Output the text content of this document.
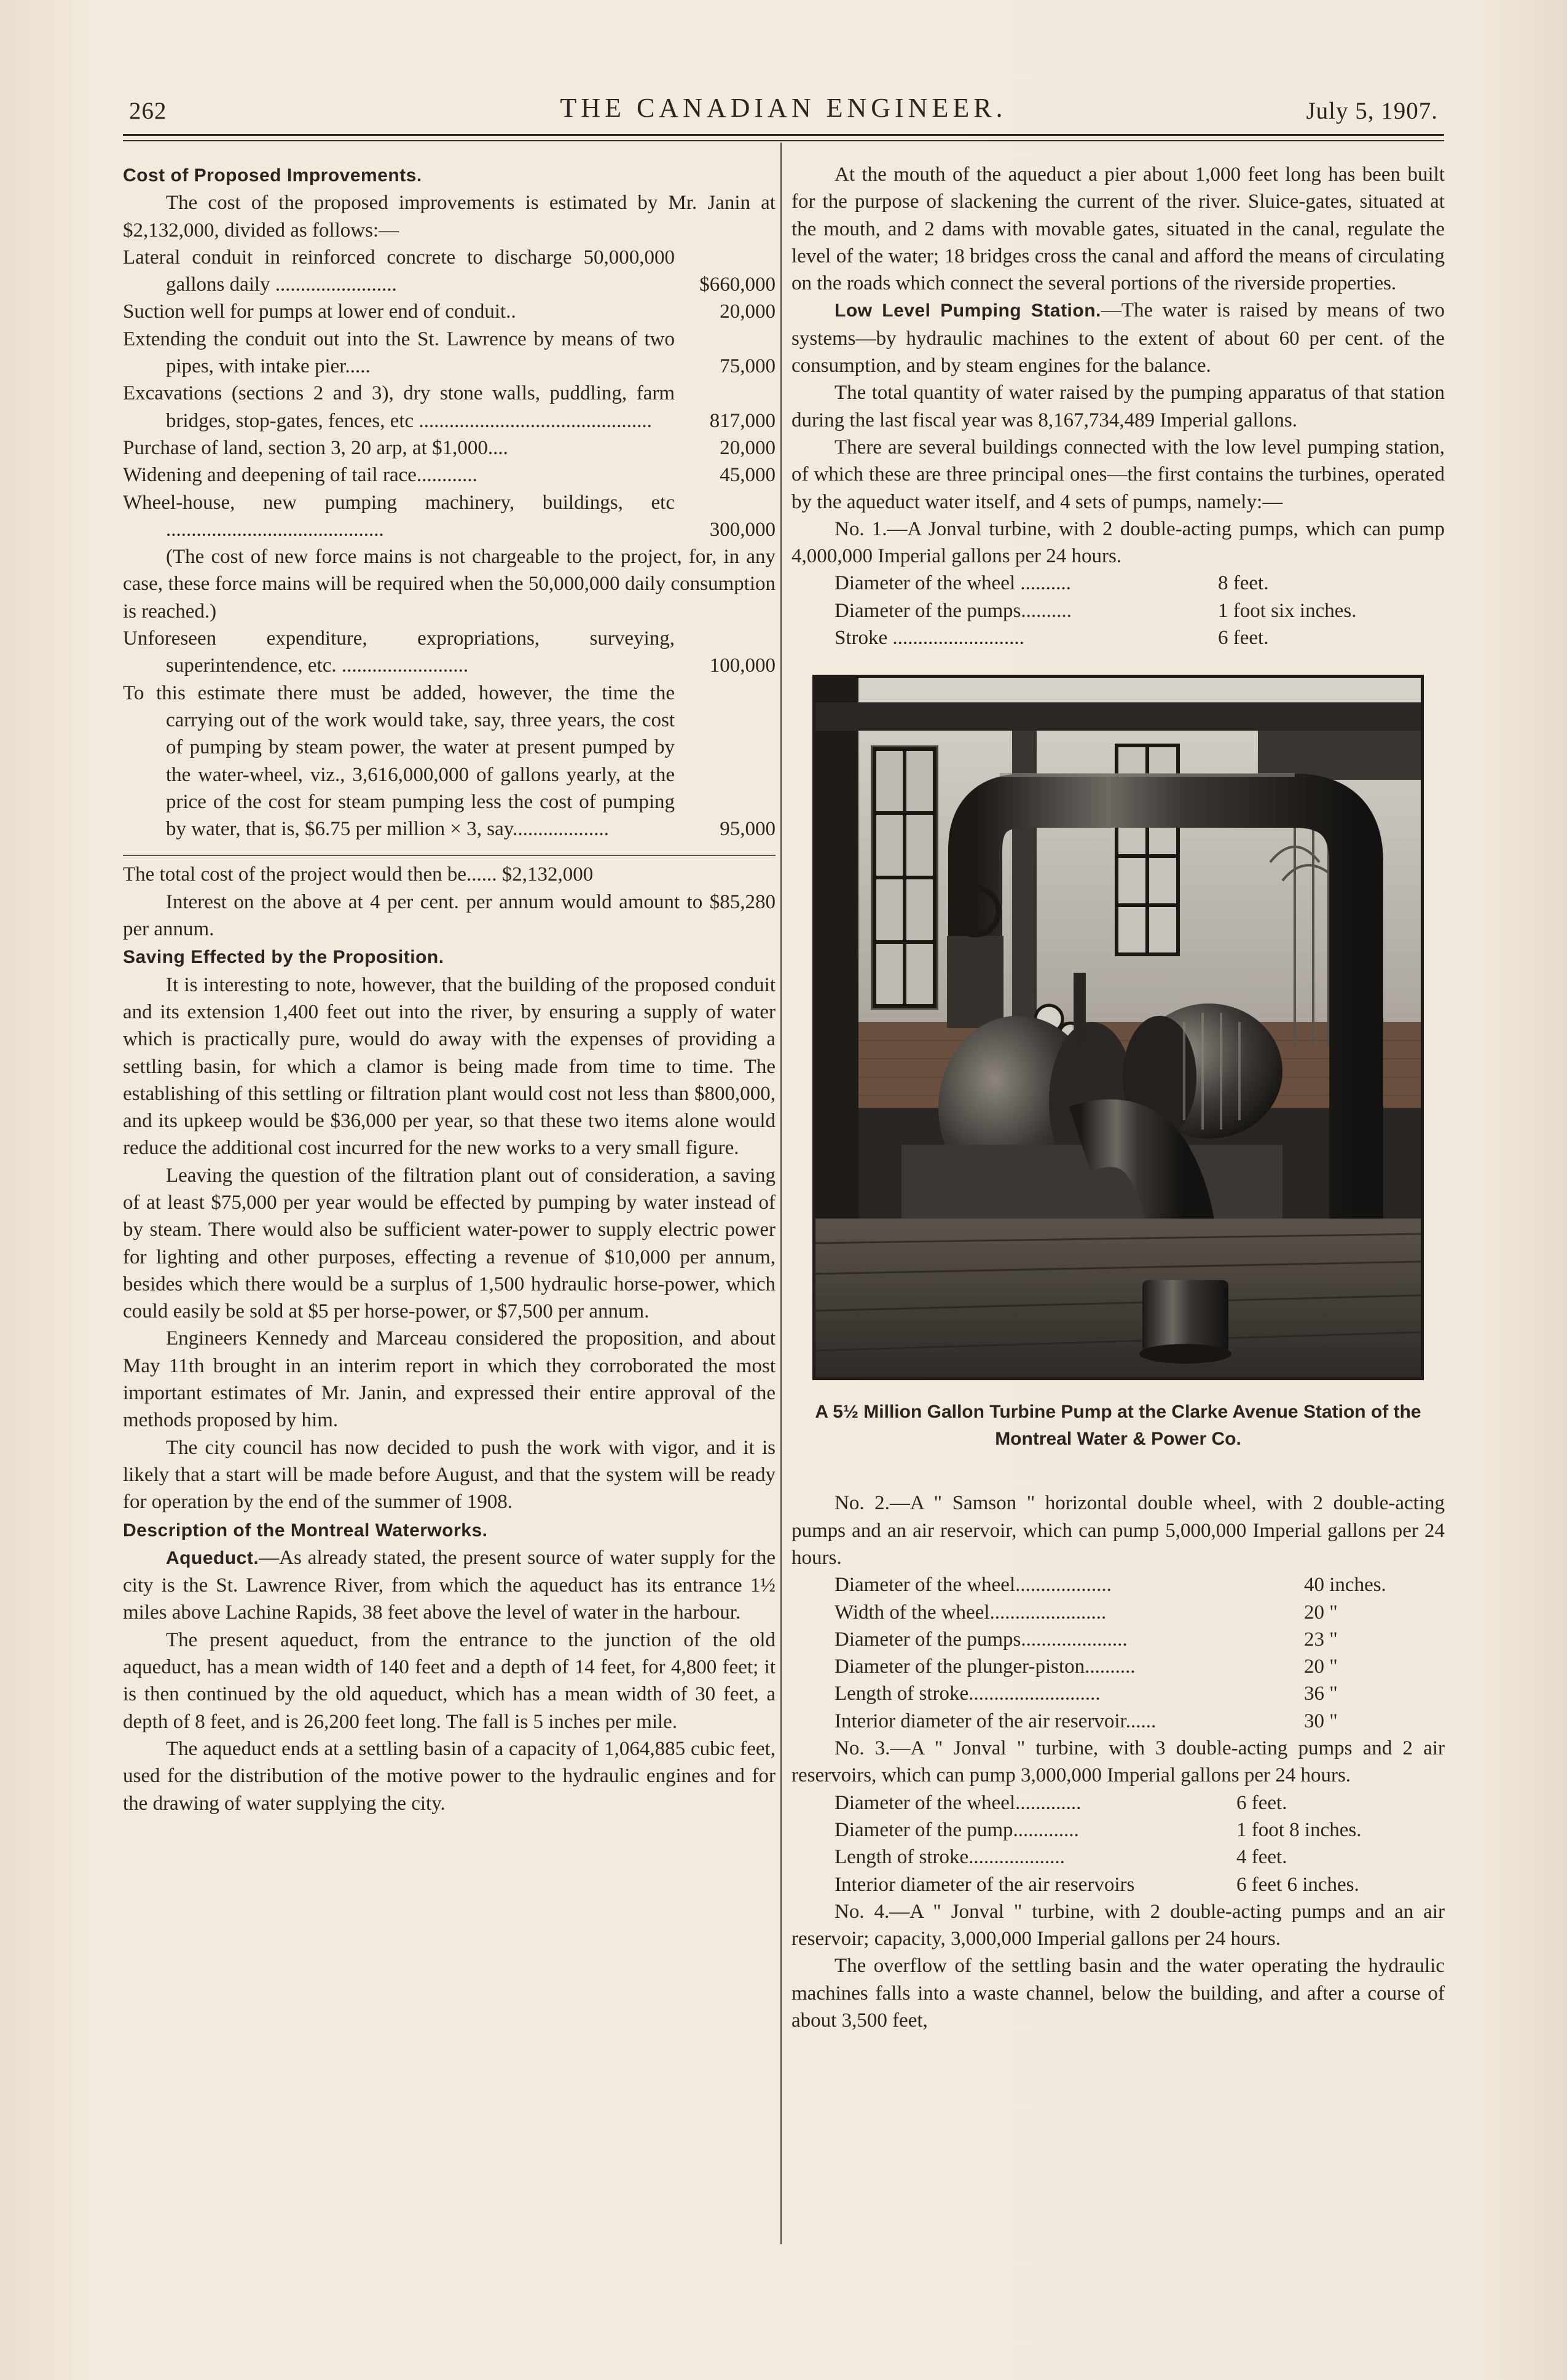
262	THE CANADIAN ENGINEER.	July 5, 1907.
Cost of Proposed Improvements.

The cost of the proposed improvements is estimated by Mr. Janin at $2,132,000, divided as follows:—

Lateral conduit in reinforced concrete to discharge 50,000,000 gallons daily ........................	$660,000
Suction well for pumps at lower end of conduit..	20,000
Extending the conduit out into the St. Lawrence by means of two pipes, with intake pier.....	75,000
Excavations (sections 2 and 3), dry stone walls, puddling, farm bridges, stop-gates, fences, etc ..............................................	817,000
Purchase of land, section 3, 20 arp, at $1,000....	20,000
Widening and deepening of tail race............	45,000
Wheel-house, new pumping machinery, buildings, etc ...........................................	300,000

(The cost of new force mains is not chargeable to the project, for, in any case, these force mains will be required when the 50,000,000 daily consumption is reached.)

Unforeseen expenditure, expropriations, surveying, superintendence, etc. .........................	100,000
To this estimate there must be added, however, the time the carrying out of the work would take, say, three years, the cost of pumping by steam power, the water at present pumped by the water-wheel, viz., 3,616,000,000 of gallons yearly, at the price of the cost for steam pumping less the cost of pumping by water, that is, $6.75 per million × 3, say...................	95,000

The total cost of the project would then be...... $2,132,000

Interest on the above at 4 per cent. per annum would amount to $85,280 per annum.

Saving Effected by the Proposition.

It is interesting to note, however, that the building of the proposed conduit and its extension 1,400 feet out into the river, by ensuring a supply of water which is practically pure, would do away with the expenses of providing a settling basin, for which a clamor is being made from time to time. The establishing of this settling or filtration plant would cost not less than $800,000, and its upkeep would be $36,000 per year, so that these two items alone would reduce the additional cost incurred for the new works to a very small figure.

Leaving the question of the filtration plant out of consideration, a saving of at least $75,000 per year would be effected by pumping by water instead of by steam. There would also be sufficient water-power to supply electric power for lighting and other purposes, effecting a revenue of $10,000 per annum, besides which there would be a surplus of 1,500 hydraulic horse-power, which could easily be sold at $5 per horse-power, or $7,500 per annum.

Engineers Kennedy and Marceau considered the proposition, and about May 11th brought in an interim report in which they corroborated the most important estimates of Mr. Janin, and expressed their entire approval of the methods proposed by him.

The city council has now decided to push the work with vigor, and it is likely that a start will be made before August, and that the system will be ready for operation by the end of the summer of 1908.

Description of the Montreal Waterworks.

Aqueduct.—As already stated, the present source of water supply for the city is the St. Lawrence River, from which the aqueduct has its entrance 1½ miles above Lachine Rapids, 38 feet above the level of water in the harbour.

The present aqueduct, from the entrance to the junction of the old aqueduct, has a mean width of 140 feet and a depth of 14 feet, for 4,800 feet; it is then continued by the old aqueduct, which has a mean width of 30 feet, a depth of 8 feet, and is 26,200 feet long. The fall is 5 inches per mile.

The aqueduct ends at a settling basin of a capacity of 1,064,885 cubic feet, used for the distribution of the motive power to the hydraulic engines and for the drawing of water supplying the city.

At the mouth of the aqueduct a pier about 1,000 feet long has been built for the purpose of slackening the current of the river. Sluice-gates, situated at the mouth, and 2 dams with movable gates, situated in the canal, regulate the level of the water; 18 bridges cross the canal and afford the means of circulating on the roads which connect the several portions of the riverside properties.

Low Level Pumping Station.—The water is raised by means of two systems—by hydraulic machines to the extent of about 60 per cent. of the consumption, and by steam engines for the balance.

The total quantity of water raised by the pumping apparatus of that station during the last fiscal year was 8,167,734,489 Imperial gallons.

There are several buildings connected with the low level pumping station, of which these are three principal ones—the first contains the turbines, operated by the aqueduct water itself, and 4 sets of pumps, namely:—

No. 1.—A Jonval turbine, with 2 double-acting pumps, which can pump 4,000,000 Imperial gallons per 24 hours.

Diameter of the wheel ..........	8 feet.
Diameter of the pumps..........	1 foot six inches.
Stroke ..........................	6 feet.
A 5½ Million Gallon Turbine Pump at the Clarke Avenue Station of the Montreal Water & Power Co.

No. 2.—A " Samson " horizontal double wheel, with 2 double-acting pumps and an air reservoir, which can pump 5,000,000 Imperial gallons per 24 hours.

Diameter of the wheel...................	40 inches.
Width of the wheel.......................	20 "
Diameter of the pumps.....................	23 "
Diameter of the plunger-piston..........	20 "
Length of stroke..........................	36 "
Interior diameter of the air reservoir......	30 "

No. 3.—A " Jonval " turbine, with 3 double-acting pumps and 2 air reservoirs, which can pump 3,000,000 Imperial gallons per 24 hours.

Diameter of the wheel.............	6 feet.
Diameter of the pump.............	1 foot 8 inches.
Length of stroke...................	4 feet.
Interior diameter of the air reservoirs	6 feet 6 inches.

No. 4.—A " Jonval " turbine, with 2 double-acting pumps and an air reservoir; capacity, 3,000,000 Imperial gallons per 24 hours.

The overflow of the settling basin and the water operating the hydraulic machines falls into a waste channel, below the building, and after a course of about 3,500 feet,
